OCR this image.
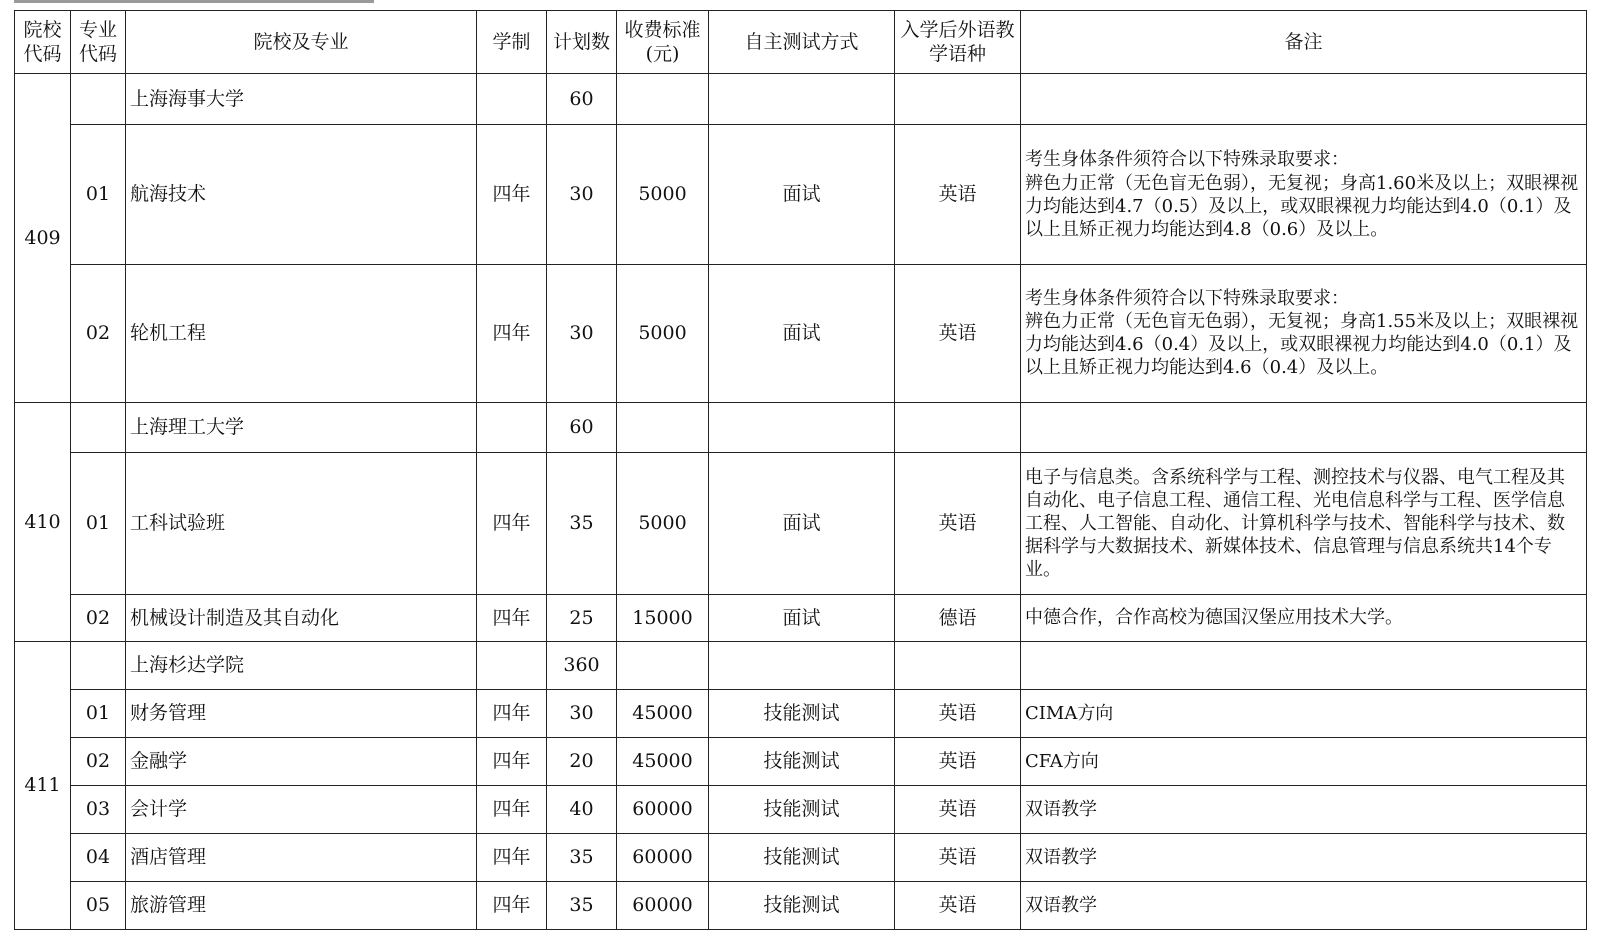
院校代码	专业代码	院校及专业	学制	计划数	收费标准(元)	自主测试方式	入学后外语教学语种	备注
409		上海海事大学		60				
	01	航海技术	四年	30	5000	面试	英语	考生身体条件须符合以下特殊录取要求：
辨色力正常（无色盲无色弱），无复视；身高1.60米及以上；双眼裸视力均能达到4.7（0.5）及以上，或双眼裸视力均能达到4.0（0.1）及以上且矫正视力均能达到4.8（0.6）及以上。
	02	轮机工程	四年	30	5000	面试	英语	考生身体条件须符合以下特殊录取要求：
辨色力正常（无色盲无色弱），无复视；身高1.55米及以上；双眼裸视力均能达到4.6（0.4）及以上，或双眼裸视力均能达到4.0（0.1）及以上且矫正视力均能达到4.6（0.4）及以上。
410		上海理工大学		60				
	01	工科试验班	四年	35	5000	面试	英语	电子与信息类。含系统科学与工程、测控技术与仪器、电气工程及其自动化、电子信息工程、通信工程、光电信息科学与工程、医学信息工程、人工智能、自动化、计算机科学与技术、智能科学与技术、数据科学与大数据技术、新媒体技术、信息管理与信息系统共14个专业。
	02	机械设计制造及其自动化	四年	25	15000	面试	德语	中德合作，合作高校为德国汉堡应用技术大学。
411		上海杉达学院		360				
	01	财务管理	四年	30	45000	技能测试	英语	CIMA方向
	02	金融学	四年	20	45000	技能测试	英语	CFA方向
	03	会计学	四年	40	60000	技能测试	英语	双语教学
	04	酒店管理	四年	35	60000	技能测试	英语	双语教学
	05	旅游管理	四年	35	60000	技能测试	英语	双语教学
